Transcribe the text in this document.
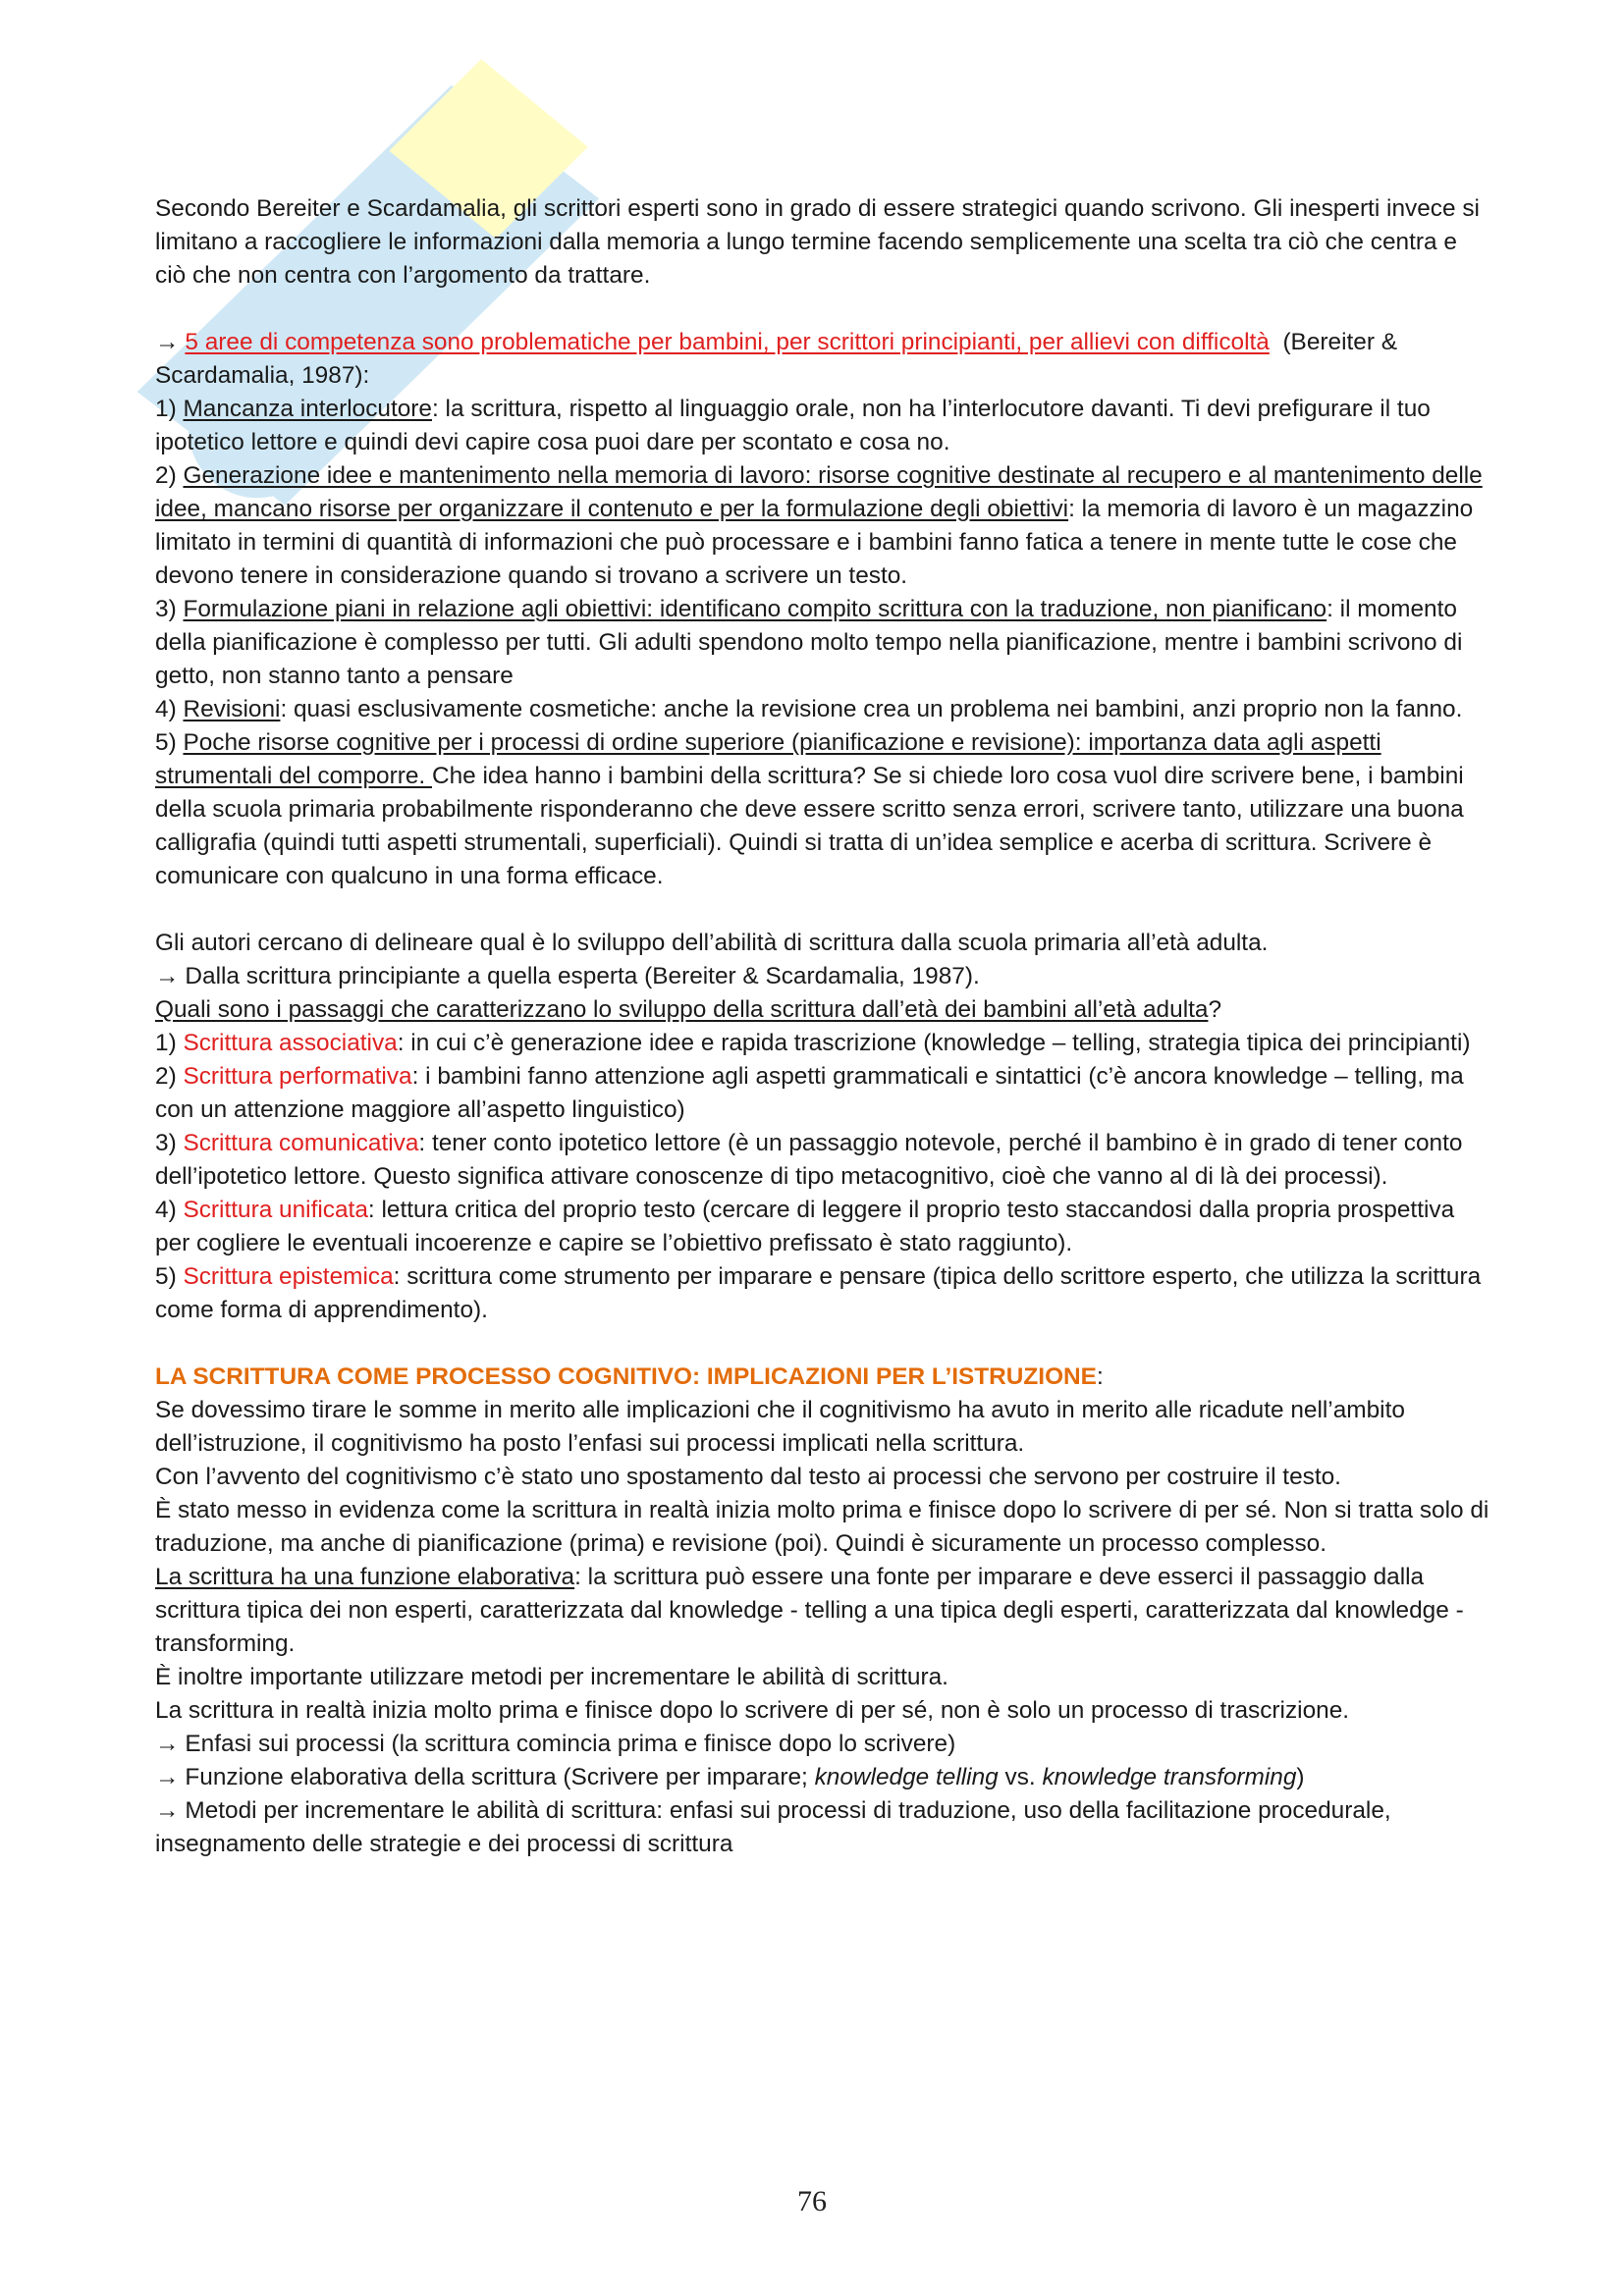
Secondo Bereiter e Scardamalia, gli scrittori esperti sono in grado di essere strategici quando scrivono. Gli inesperti invece si limitano a raccogliere le informazioni dalla memoria a lungo termine facendo semplicemente una scelta tra ciò che centra e ciò che non centra con l’argomento da trattare.

→ 5 aree di competenza sono problematiche per bambini, per scrittori principianti, per allievi con difficoltà (Bereiter & Scardamalia, 1987):

1) Mancanza interlocutore: la scrittura, rispetto al linguaggio orale, non ha l’interlocutore davanti. Ti devi prefigurare il tuo ipotetico lettore e quindi devi capire cosa puoi dare per scontato e cosa no.

2) Generazione idee e mantenimento nella memoria di lavoro: risorse cognitive destinate al recupero e al mantenimento delle idee, mancano risorse per organizzare il contenuto e per la formulazione degli obiettivi: la memoria di lavoro è un magazzino limitato in termini di quantità di informazioni che può processare e i bambini fanno fatica a tenere in mente tutte le cose che devono tenere in considerazione quando si trovano a scrivere un testo.

3) Formulazione piani in relazione agli obiettivi: identificano compito scrittura con la traduzione, non pianificano: il momento della pianificazione è complesso per tutti. Gli adulti spendono molto tempo nella pianificazione, mentre i bambini scrivono di getto, non stanno tanto a pensare

4) Revisioni: quasi esclusivamente cosmetiche: anche la revisione crea un problema nei bambini, anzi proprio non la fanno.

5) Poche risorse cognitive per i processi di ordine superiore (pianificazione e revisione): importanza data agli aspetti strumentali del comporre. Che idea hanno i bambini della scrittura? Se si chiede loro cosa vuol dire scrivere bene, i bambini della scuola primaria probabilmente risponderanno che deve essere scritto senza errori, scrivere tanto, utilizzare una buona calligrafia (quindi tutti aspetti strumentali, superficiali). Quindi si tratta di un’idea semplice e acerba di scrittura. Scrivere è comunicare con qualcuno in una forma efficace.

Gli autori cercano di delineare qual è lo sviluppo dell’abilità di scrittura dalla scuola primaria all’età adulta.

→ Dalla scrittura principiante a quella esperta (Bereiter & Scardamalia, 1987).

Quali sono i passaggi che caratterizzano lo sviluppo della scrittura dall’età dei bambini all’età adulta?

1) Scrittura associativa: in cui c’è generazione idee e rapida trascrizione (knowledge – telling, strategia tipica dei principianti)

2) Scrittura performativa: i bambini fanno attenzione agli aspetti grammaticali e sintattici (c’è ancora knowledge – telling, ma con un attenzione maggiore all’aspetto linguistico)

3) Scrittura comunicativa: tener conto ipotetico lettore (è un passaggio notevole, perché il bambino è in grado di tener conto dell’ipotetico lettore. Questo significa attivare conoscenze di tipo metacognitivo, cioè che vanno al di là dei processi).

4) Scrittura unificata: lettura critica del proprio testo (cercare di leggere il proprio testo staccandosi dalla propria prospettiva per cogliere le eventuali incoerenze e capire se l’obiettivo prefissato è stato raggiunto).

5) Scrittura epistemica: scrittura come strumento per imparare e pensare (tipica dello scrittore esperto, che utilizza la scrittura come forma di apprendimento).

LA SCRITTURA COME PROCESSO COGNITIVO: IMPLICAZIONI PER L’ISTRUZIONE:

Se dovessimo tirare le somme in merito alle implicazioni che il cognitivismo ha avuto in merito alle ricadute nell’ambito dell’istruzione, il cognitivismo ha posto l’enfasi sui processi implicati nella scrittura.

Con l’avvento del cognitivismo c’è stato uno spostamento dal testo ai processi che servono per costruire il testo.

È stato messo in evidenza come la scrittura in realtà inizia molto prima e finisce dopo lo scrivere di per sé. Non si tratta solo di traduzione, ma anche di pianificazione (prima) e revisione (poi). Quindi è sicuramente un processo complesso.

La scrittura ha una funzione elaborativa: la scrittura può essere una fonte per imparare e deve esserci il passaggio dalla scrittura tipica dei non esperti, caratterizzata dal knowledge - telling a una tipica degli esperti, caratterizzata dal knowledge - transforming.

È inoltre importante utilizzare metodi per incrementare le abilità di scrittura.

La scrittura in realtà inizia molto prima e finisce dopo lo scrivere di per sé, non è solo un processo di trascrizione.

→ Enfasi sui processi (la scrittura comincia prima e finisce dopo lo scrivere)

→ Funzione elaborativa della scrittura (Scrivere per imparare; knowledge telling vs. knowledge transforming)

→ Metodi per incrementare le abilità di scrittura: enfasi sui processi di traduzione, uso della facilitazione procedurale, insegnamento delle strategie e dei processi di scrittura

76
